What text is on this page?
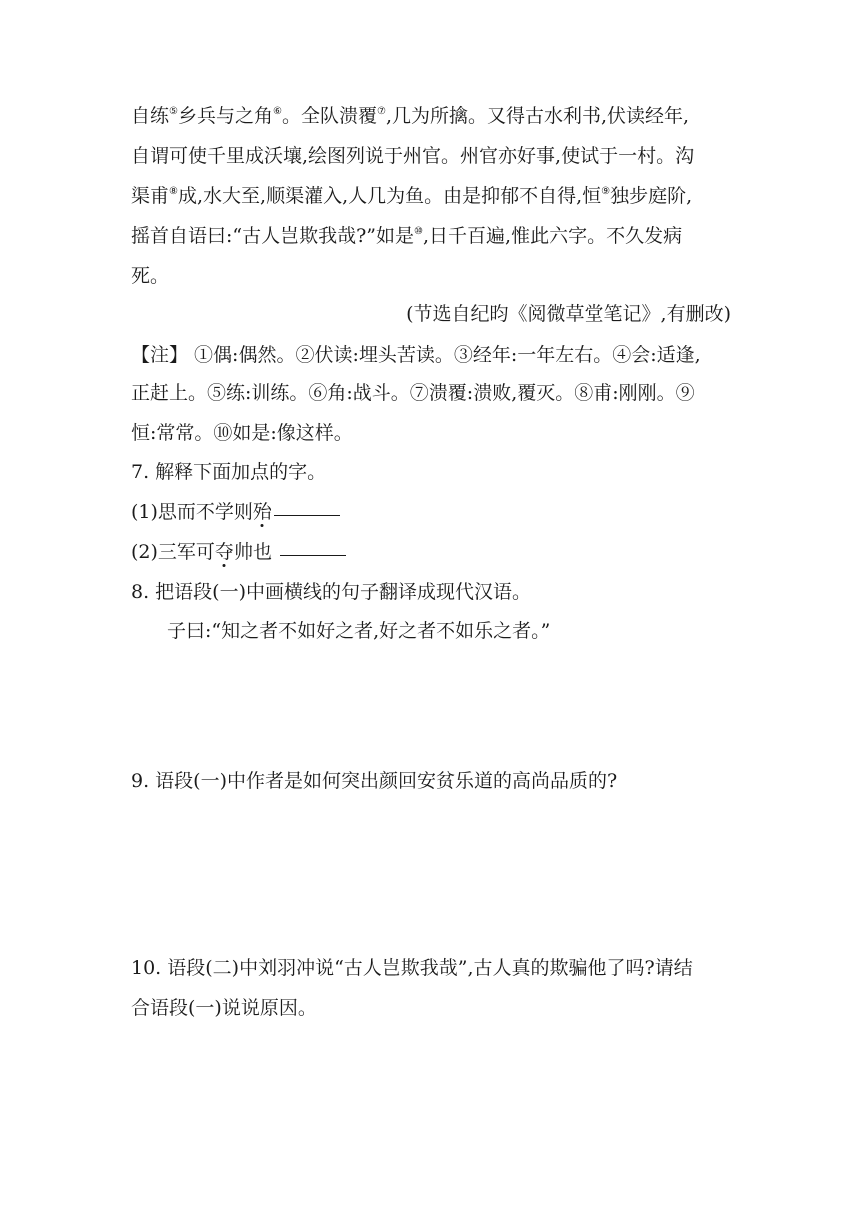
自练⑤乡兵与之角⑥。全队溃覆⑦,几为所擒。又得古水利书,伏读经年,
自谓可使千里成沃壤,绘图列说于州官。州官亦好事,使试于一村。沟
渠甫⑧成,水大至,顺渠灌入,人几为鱼。由是抑郁不自得,恒⑨独步庭阶,
摇首自语曰:“古人岂欺我哉?”如是⑩,日千百遍,惟此六字。不久发病
死。
(节选自纪昀《阅微草堂笔记》,有删改)
【注】 ①偶:偶然。②伏读:埋头苦读。③经年:一年左右。④会:适逢,
正赶上。⑤练:训练。⑥角:战斗。⑦溃覆:溃败,覆灭。⑧甫:刚刚。⑨
恒:常常。⑩如是:像这样。
7. 解释下面加点的字。
(1)思而不学则殆
(2)三军可夺帅也
8. 把语段(一)中画横线的句子翻译成现代汉语。
子曰:“知之者不如好之者,好之者不如乐之者。”
9. 语段(一)中作者是如何突出颜回安贫乐道的高尚品质的?
10. 语段(二)中刘羽冲说“古人岂欺我哉”,古人真的欺骗他了吗?请结
合语段(一)说说原因。
